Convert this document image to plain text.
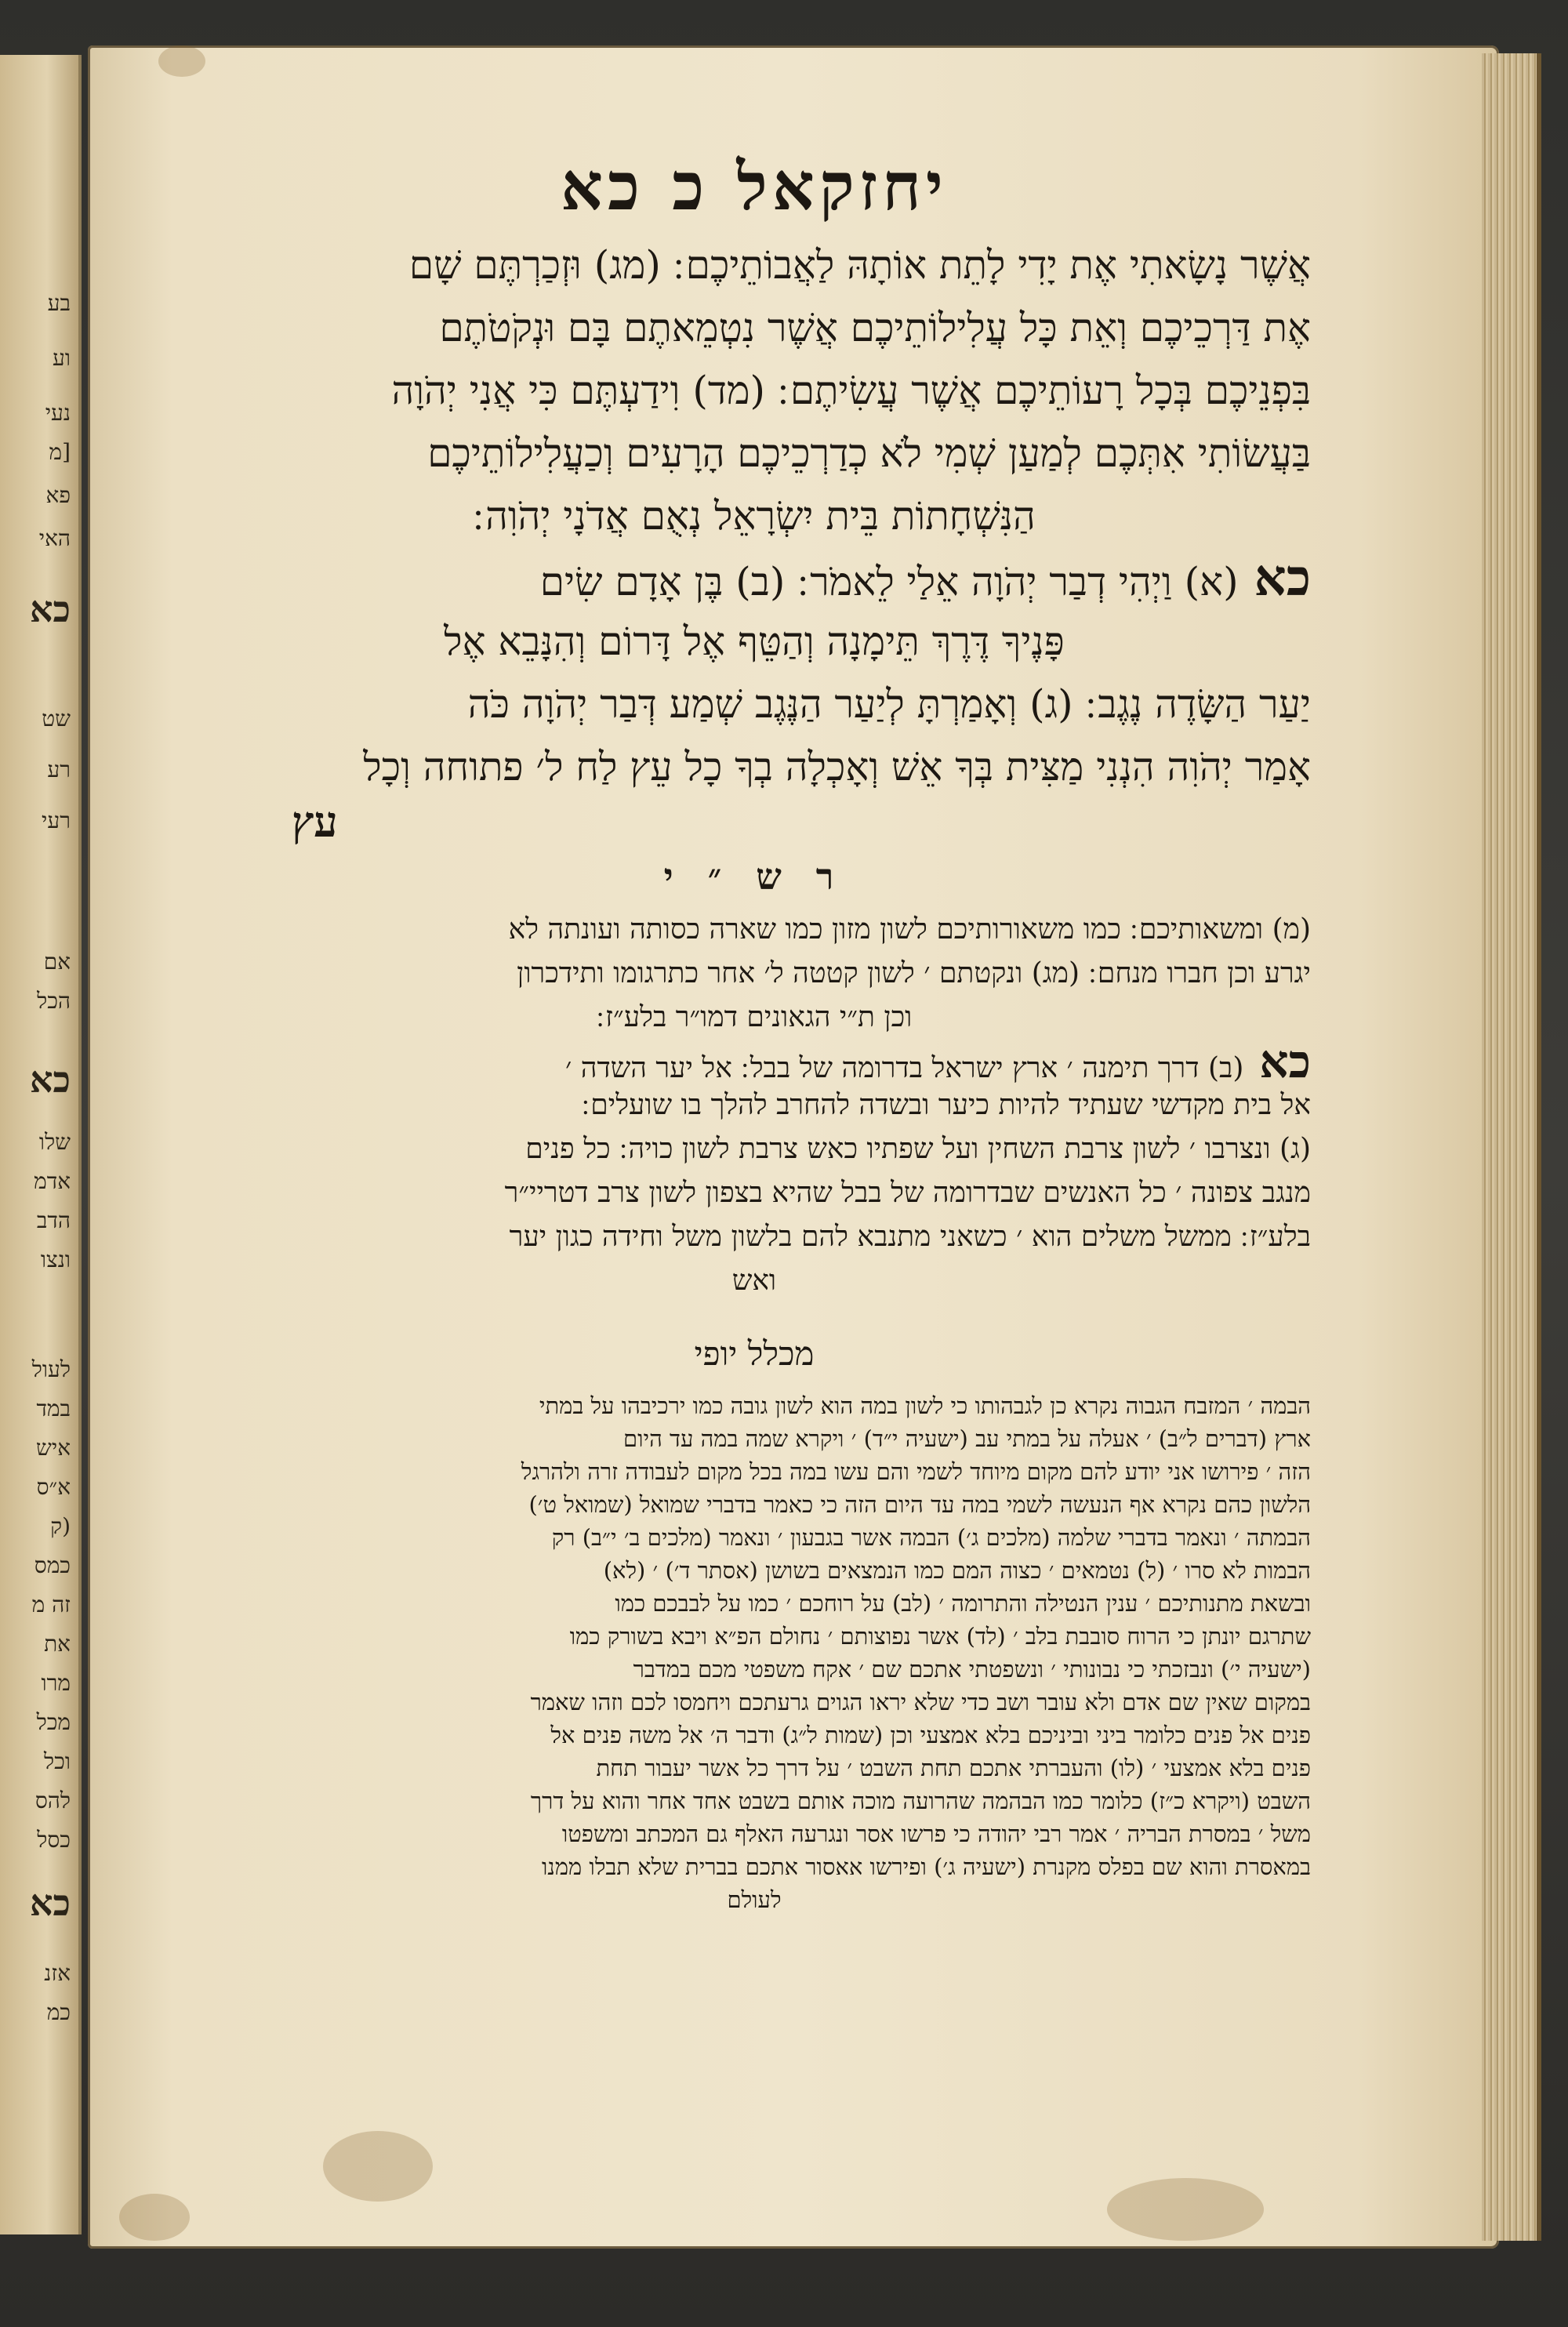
בע
וע
נעי
[מ
פא
האי
כא
שט
רע
רעי
אם
הכל
כא
שלו
אדמ
הדב
ונצו
לעול
במד
איש
א״ס
(ק
כמס
זה מ
את
מרו
מכל
וכל
להס
כסל
כא
אזנ
כמ
יחזקאל כ כא
אֲשֶׁר נָשָׂאתִי אֶת יָדִי לָתֵת אוֹתָהּ לַאֲבוֹתֵיכֶם ׃ (מג) וּזְכַרְתֶּם שָׁם
אֶת דַּרְכֵיכֶם וְאֵת כָּל עֲלִילוֹתֵיכֶם אֲשֶׁר נִטְמֵאתֶם בָּם וּנְקֹטֹתֶם
בִּפְנֵיכֶם בְּכָל רָעוֹתֵיכֶם אֲשֶׁר עֲשִׂיתֶם ׃ (מד) וִידַעְתֶּם כִּי אֲנִי יְהֹוָה
בַּעֲשׂוֹתִי אִתְּכֶם לְמַעַן שְׁמִי לֹא כְדַרְכֵיכֶם הָרָעִים וְכַעֲלִילוֹתֵיכֶם
הַנִּשְׁחָתוֹת בֵּית יִשְׂרָאֵל נְאֻם אֲדֹנָי יְהֹוִה ׃
כא(א) וַיְהִי דְבַר יְהֹוָה אֵלַי לֵאמֹר ׃ (ב) בֶּן אָדָם שִׂים
פָּנֶיךָ דֶּרֶךְ תֵּימָנָה וְהַטֵּף אֶל דָּרוֹם וְהִנָּבֵא אֶל
יַעַר הַשָּׂדֶה נֶגֶב ׃ (ג) וְאָמַרְתָּ לְיַעַר הַנֶּגֶב שְׁמַע דְּבַר יְהֹוָה כֹּה
אָמַר יְהֹוִה הִנְנִי מַצִּית בְּךָ אֵשׁ וְאָכְלָה בְךָ כָל עֵץ לַח ל׳ פתוחה וְכָל
עץ
ר ש ״ י
(מ) ומשאותיכם ׃ כמו משאורותיכם לשון מזון כמו שארה כסותה ועונתה לא
יגרע וכן חברו מנחם ׃ (מג) ונקטתם ׳ לשון קטטה ל׳ אחר כתרגומו ותידכרון
וכן ת״י הגאונים דמו״ר בלע״ז ׃
כא(ב) דרך תימנה ׳ ארץ ישראל בדרומה של בבל ׃ אל יער השדה ׳
אל בית מקדשי שעתיד להיות כיער ובשדה להחרב להלך בו שועלים ׃
(ג) ונצרבו ׳ לשון צרבת השחין ועל שפתיו כאש צרבת לשון כויה ׃ כל פנים
מנגב צפונה ׳ כל האנשים שבדרומה של בבל שהיא בצפון לשון צרב דטריי״ר
בלע״ז ׃ ממשל משלים הוא ׳ כשאני מתנבא להם בלשון משל וחידה כגון יער
ואש
מכלל יופי
הבמה ׳ המזבח הגבוה נקרא כן לגבהותו כי לשון במה הוא לשון גובה כמו ירכיבהו על במתי
ארץ (דברים ל״ב) ׳ אעלה על במתי עב (ישעיה י״ד) ׳ ויקרא שמה במה עד היום
הזה ׳ פירושו אני יודע להם מקום מיוחד לשמי והם עשו במה בכל מקום לעבודה זרה ולהרגל
הלשון כהם נקרא אף הנעשה לשמי במה עד היום הזה כי כאמר בדברי שמואל (שמואל ט׳)
הבמתה ׳ ונאמר בדברי שלמה (מלכים ג׳) הבמה אשר בגבעון ׳ ונאמר (מלכים ב׳ י״ב) רק
הבמות לא סרו ׳ (ל) נטמאים ׳ כצוה המם כמו הנמצאים בשושן (אסתר ד׳) ׳ (לא)
ובשאת מתנותיכם ׳ ענין הנטילה והתרומה ׳ (לב) על רוחכם ׳ כמו על לבבכם כמו
שתרגם יונתן כי הרוח סובבת בלב ׳ (לד) אשר נפוצותם ׳ נחולם הפ״א ויבא בשורק כמו
(ישעיה י׳) ונבזכתי כי נבונותי ׳ ונשפטתי אתכם שם ׳ אקח משפטי מכם במדבר
במקום שאין שם אדם ולא עובר ושב כדי שלא יראו הגוים גרעתכם ויחמסו לכם וזהו שאמר
פנים אל פנים כלומר ביני וביניכם בלא אמצעי וכן (שמות ל״ג) ודבר ה׳ אל משה פנים אל
פנים בלא אמצעי ׳ (לו) והעברתי אתכם תחת השבט ׳ על דרך כל אשר יעבור תחת
השבט (ויקרא כ״ז) כלומר כמו הבהמה שהרועה מוכה אותם בשבט אחד אחר והוא על דרך
משל ׳ במסרת הבריה ׳ אמר רבי יהודה כי פרשו אסר ונגרעה האלף גם המכתב ומשפטו
במאסרת והוא שם בפלס מקנרת (ישעיה ג׳) ופירשו אאסור אתכם בברית שלא תבלו ממנו
לעולם
